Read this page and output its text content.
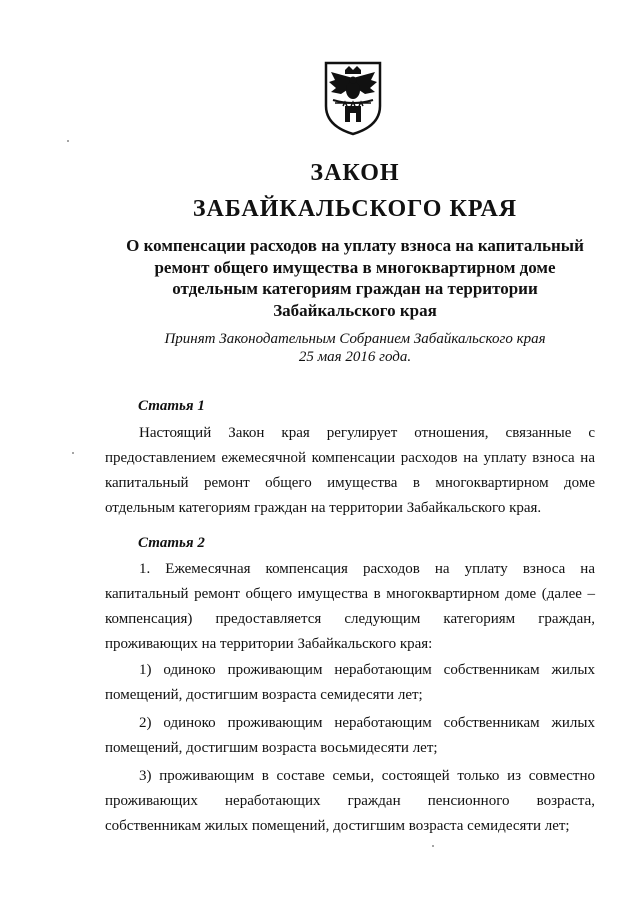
ЗАКОН
ЗАБАЙКАЛЬСКОГО КРАЯ
О компенсации расходов на уплату взноса на капитальный ремонт общего имущества в многоквартирном доме отдельным категориям граждан на территории Забайкальского края
Принят Законодательным Собранием Забайкальского края
25 мая 2016 года.
Статья 1
Настоящий Закон края регулирует отношения, связанные с предоставлением ежемесячной компенсации расходов на уплату взноса на капитальный ремонт общего имущества в многоквартирном доме отдельным категориям граждан на территории Забайкальского края.
Статья 2
1. Ежемесячная компенсация расходов на уплату взноса на капитальный ремонт общего имущества в многоквартирном доме (далее – компенсация) предоставляется следующим категориям граждан, проживающих на территории Забайкальского края:
1) одиноко проживающим неработающим собственникам жилых помещений, достигшим возраста семидесяти лет;
2) одиноко проживающим неработающим собственникам жилых помещений, достигшим возраста восьмидесяти лет;
3) проживающим в составе семьи, состоящей только из совместно проживающих неработающих граждан пенсионного возраста, собственникам жилых помещений, достигшим возраста семидесяти лет;
